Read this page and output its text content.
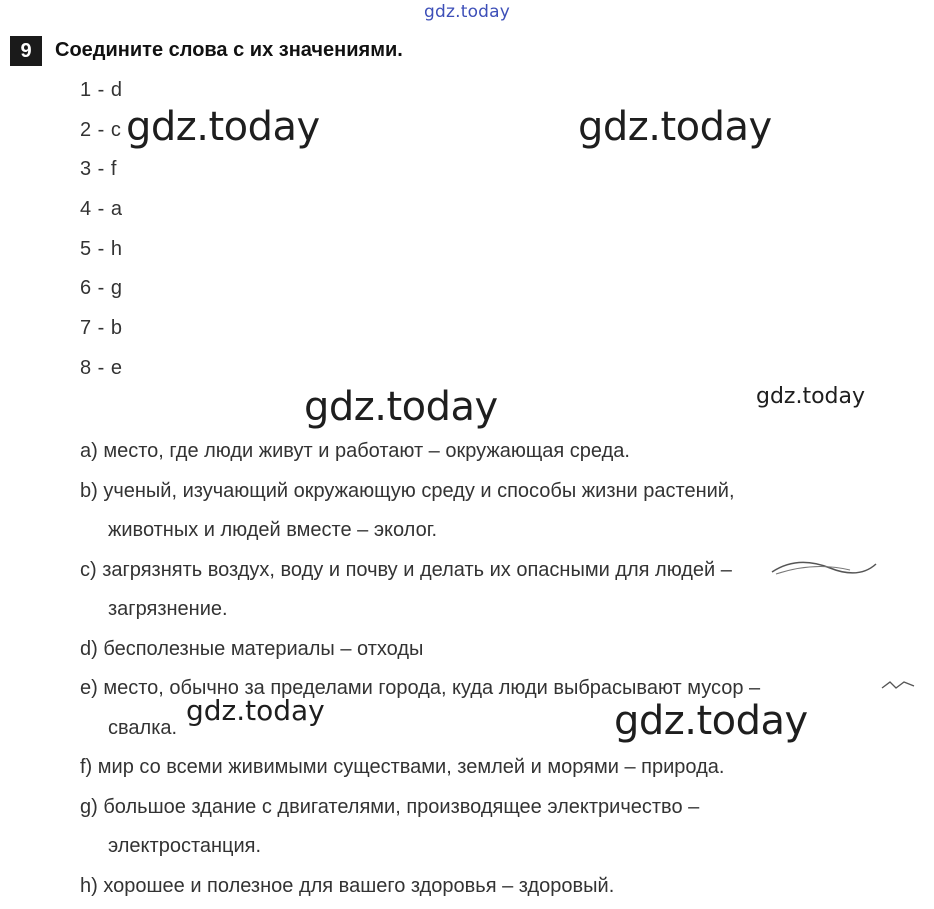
gdz.today
9	Соедините слова с их значениями.
1 - d
2 - c
3 - f
4 - a
5 - h
6 - g
7 - b
8 - e
a) место, где люди живут и работают – окружающая среда.
b) ученый, изучающий окружающую среду и способы жизни растений,
животных и людей вместе – эколог.
c) загрязнять воздух, воду и почву и делать их опасными для людей –
загрязнение.
d) бесполезные материалы – отходы
e) место, обычно за пределами города, куда люди выбрасывают мусор –
свалка.
f) мир со всеми живимыми существами, землей и морями – природа.
g) большое здание с двигателями, производящее электричество –
электростанция.
h) хорошее и полезное для вашего здоровья – здоровый.
gdz.today	gdz.today
gdz.today	gdz.today
gdz.today	gdz.today
